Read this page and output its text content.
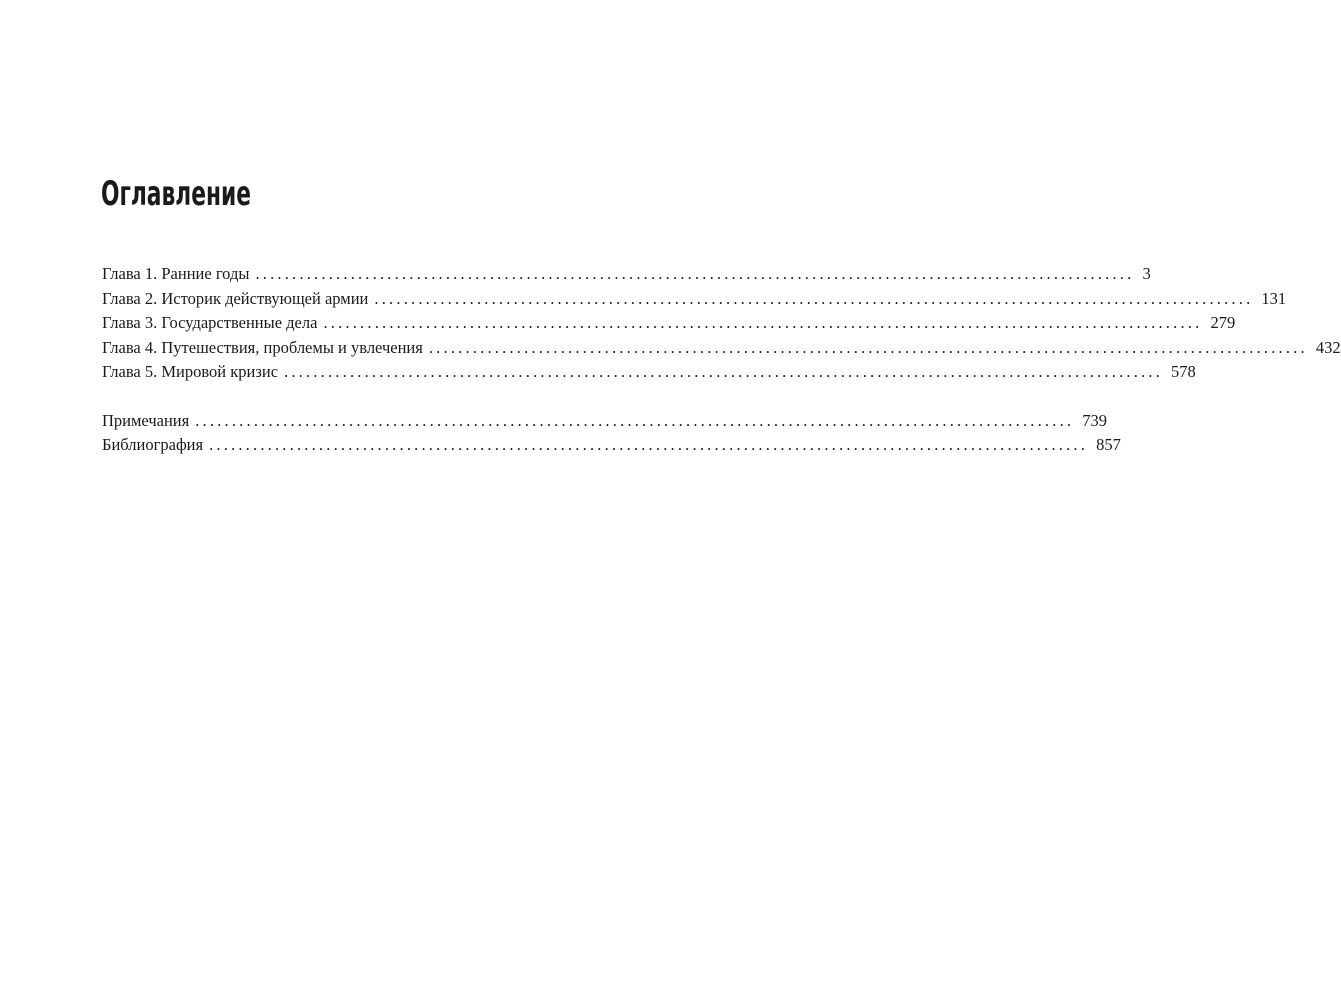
Оглавление
Глава 1. Ранние годы ........................................................................................................................ 3
Глава 2. Историк действующей армии ........................................................................................................................ 131
Глава 3. Государственные дела ........................................................................................................................ 279
Глава 4. Путешествия, проблемы и увлечения ........................................................................................................................ 432
Глава 5. Мировой кризис ........................................................................................................................ 578
Примечания ........................................................................................................................ 739
Библиография ........................................................................................................................ 857
